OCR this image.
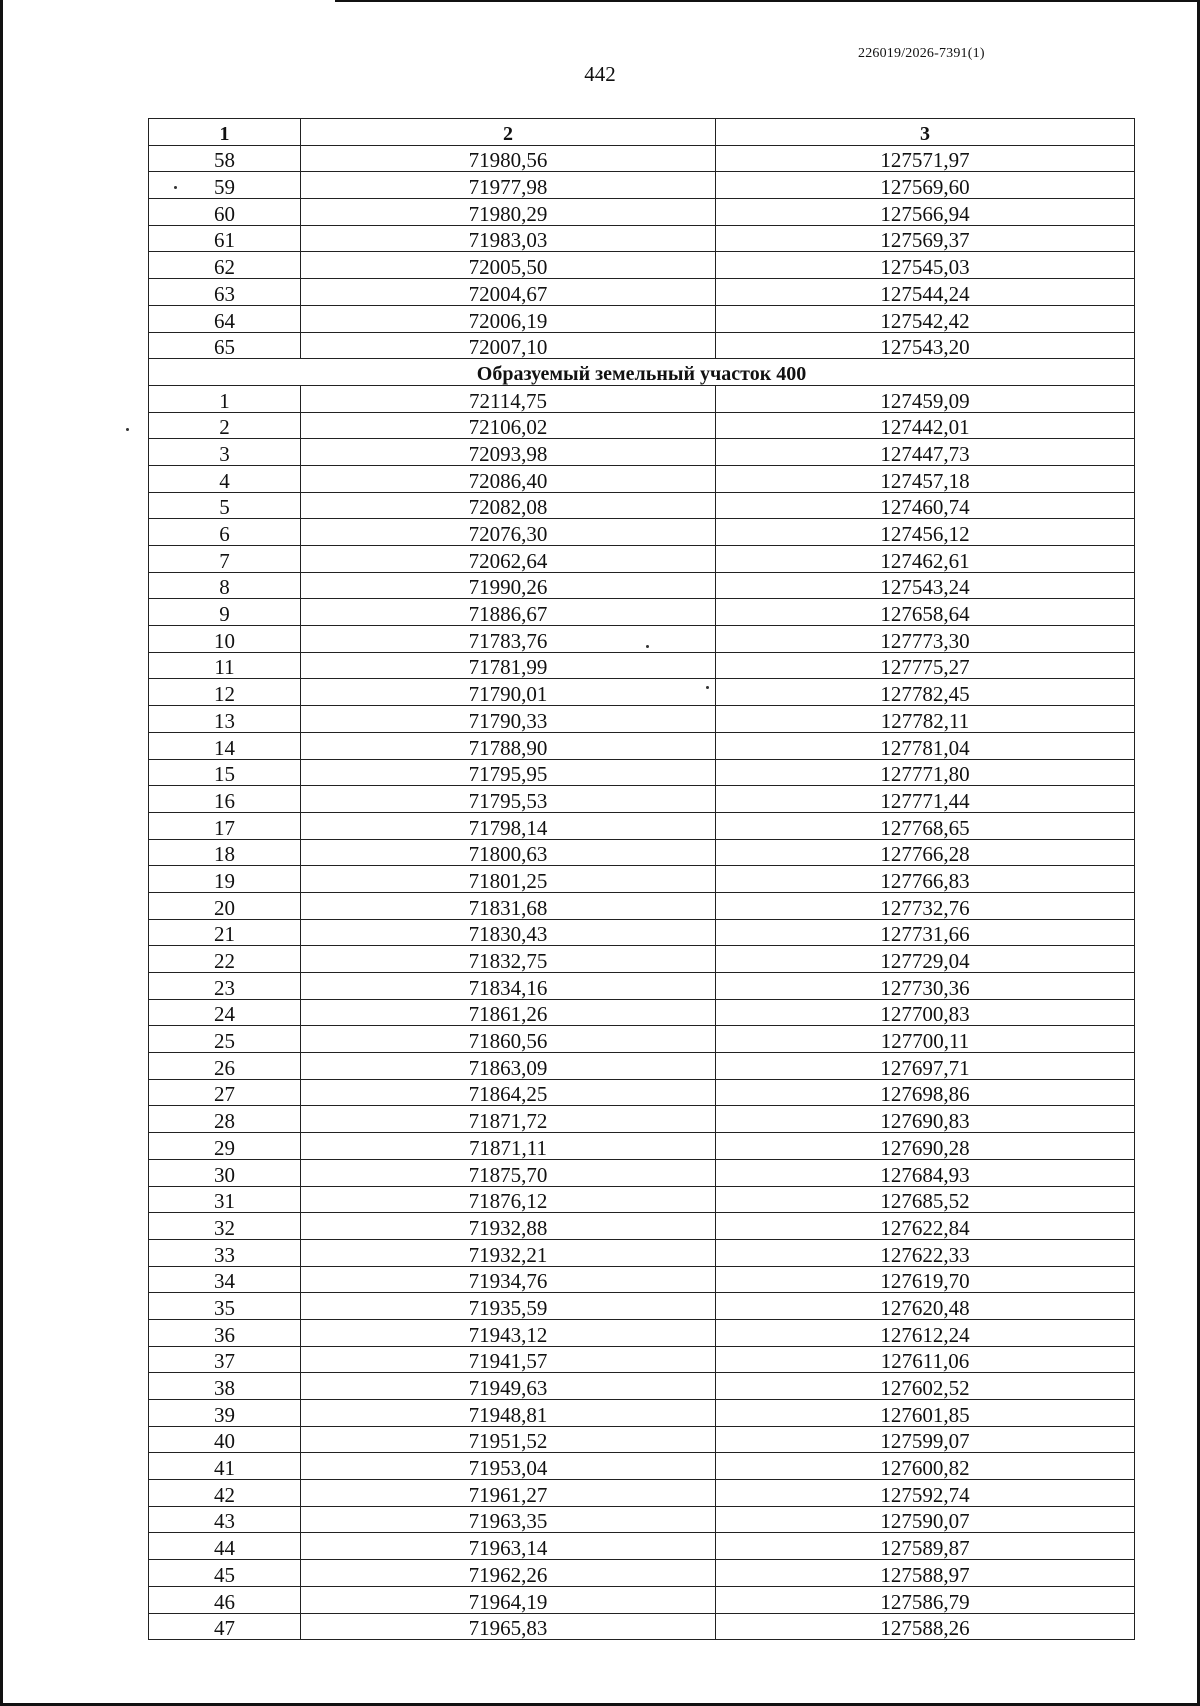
226019/2026-7391(1)
442
1	2	3
58	71980,56	127571,97
59	71977,98	127569,60
60	71980,29	127566,94
61	71983,03	127569,37
62	72005,50	127545,03
63	72004,67	127544,24
64	72006,19	127542,42
65	72007,10	127543,20
Образуемый земельный участок 400		
1	72114,75	127459,09
2	72106,02	127442,01
3	72093,98	127447,73
4	72086,40	127457,18
5	72082,08	127460,74
6	72076,30	127456,12
7	72062,64	127462,61
8	71990,26	127543,24
9	71886,67	127658,64
10	71783,76	127773,30
11	71781,99	127775,27
12	71790,01	127782,45
13	71790,33	127782,11
14	71788,90	127781,04
15	71795,95	127771,80
16	71795,53	127771,44
17	71798,14	127768,65
18	71800,63	127766,28
19	71801,25	127766,83
20	71831,68	127732,76
21	71830,43	127731,66
22	71832,75	127729,04
23	71834,16	127730,36
24	71861,26	127700,83
25	71860,56	127700,11
26	71863,09	127697,71
27	71864,25	127698,86
28	71871,72	127690,83
29	71871,11	127690,28
30	71875,70	127684,93
31	71876,12	127685,52
32	71932,88	127622,84
33	71932,21	127622,33
34	71934,76	127619,70
35	71935,59	127620,48
36	71943,12	127612,24
37	71941,57	127611,06
38	71949,63	127602,52
39	71948,81	127601,85
40	71951,52	127599,07
41	71953,04	127600,82
42	71961,27	127592,74
43	71963,35	127590,07
44	71963,14	127589,87
45	71962,26	127588,97
46	71964,19	127586,79
47	71965,83	127588,26
